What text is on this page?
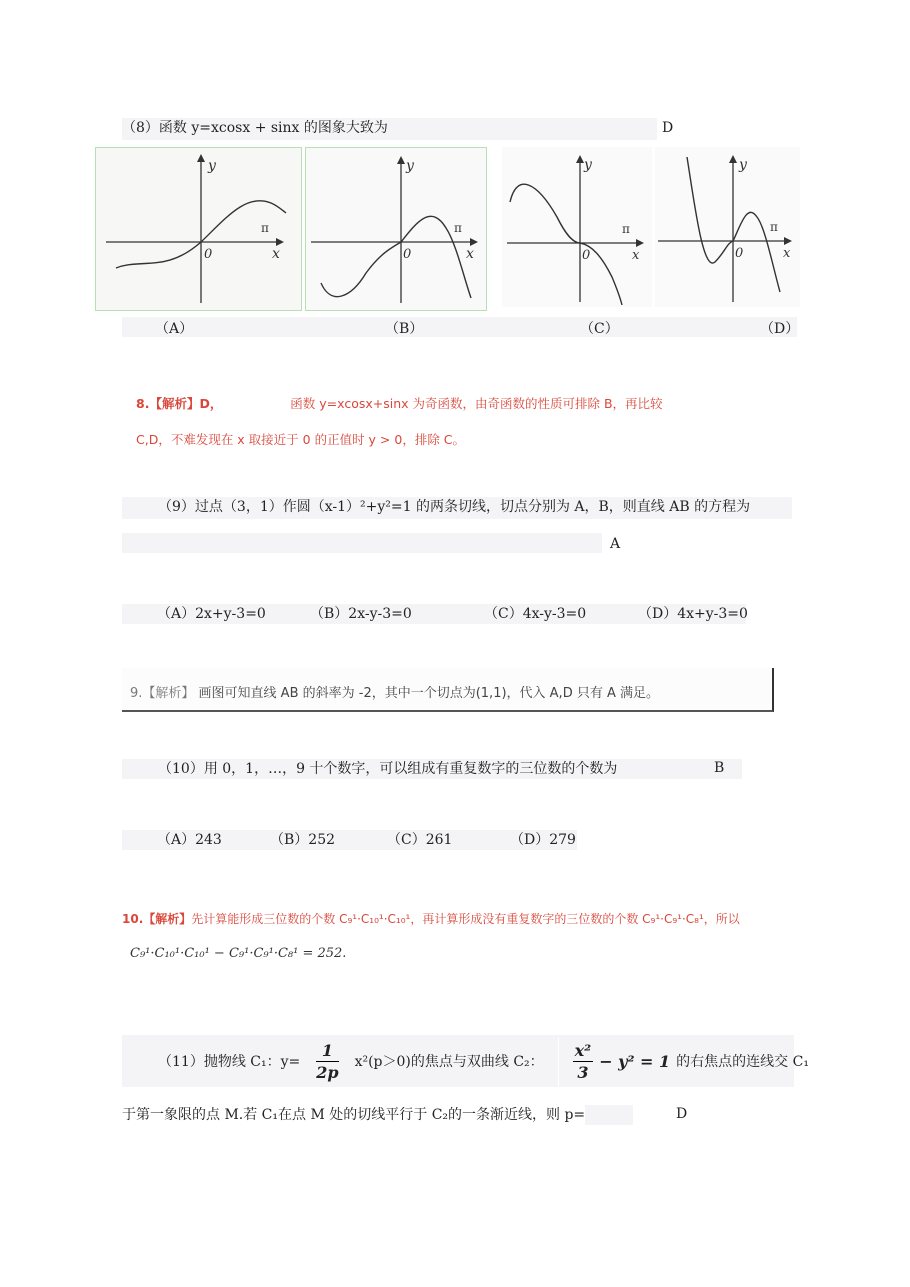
（8）函数 y=xcosx + sinx 的图象大致为	D
y
x
0
π
y
x
0
π
y
x
0
π
y
x
0
π
（A）	（B）	（C）	（D）
8.【解析】D，	函数 y=xcosx+sinx 为奇函数，由奇函数的性质可排除 B，再比较
C,D，不难发现在 x 取接近于 0 的正值时 y > 0，排除 C。
（9）过点（3，1）作圆（x-1）²+y²=1 的两条切线，切点分别为 A，B，则直线 AB 的方程为
A
（A）2x+y-3=0	（B）2x-y-3=0	（C）4x-y-3=0	（D）4x+y-3=0
9.【解析】 画图可知直线 AB 的斜率为 -2，其中一个切点为(1,1)，代入 A,D 只有 A 满足。
（10）用 0，1，…，9 十个数字，可以组成有重复数字的三位数的个数为	B
（A）243	（B）252	（C）261	（D）279
10.【解析】先计算能形成三位数的个数 C₉¹·C₁₀¹·C₁₀¹，再计算形成没有重复数字的三位数的个数 C₉¹·C₉¹·C₈¹，所以
C₉¹·C₁₀¹·C₁₀¹ − C₉¹·C₉¹·C₈¹ = 252.
（11）抛物线 C₁：$y= \frac{1}{2p} x^2(p>0)$的焦点与双曲线 C₂： $\frac{\text{x²}}{3} - y^2 = 1$ 的右焦点的连线交 C₁
于第一象限的点 M.若 C₁在点 M 处的切线平行于 C₂的一条渐近线，则 p=	D
